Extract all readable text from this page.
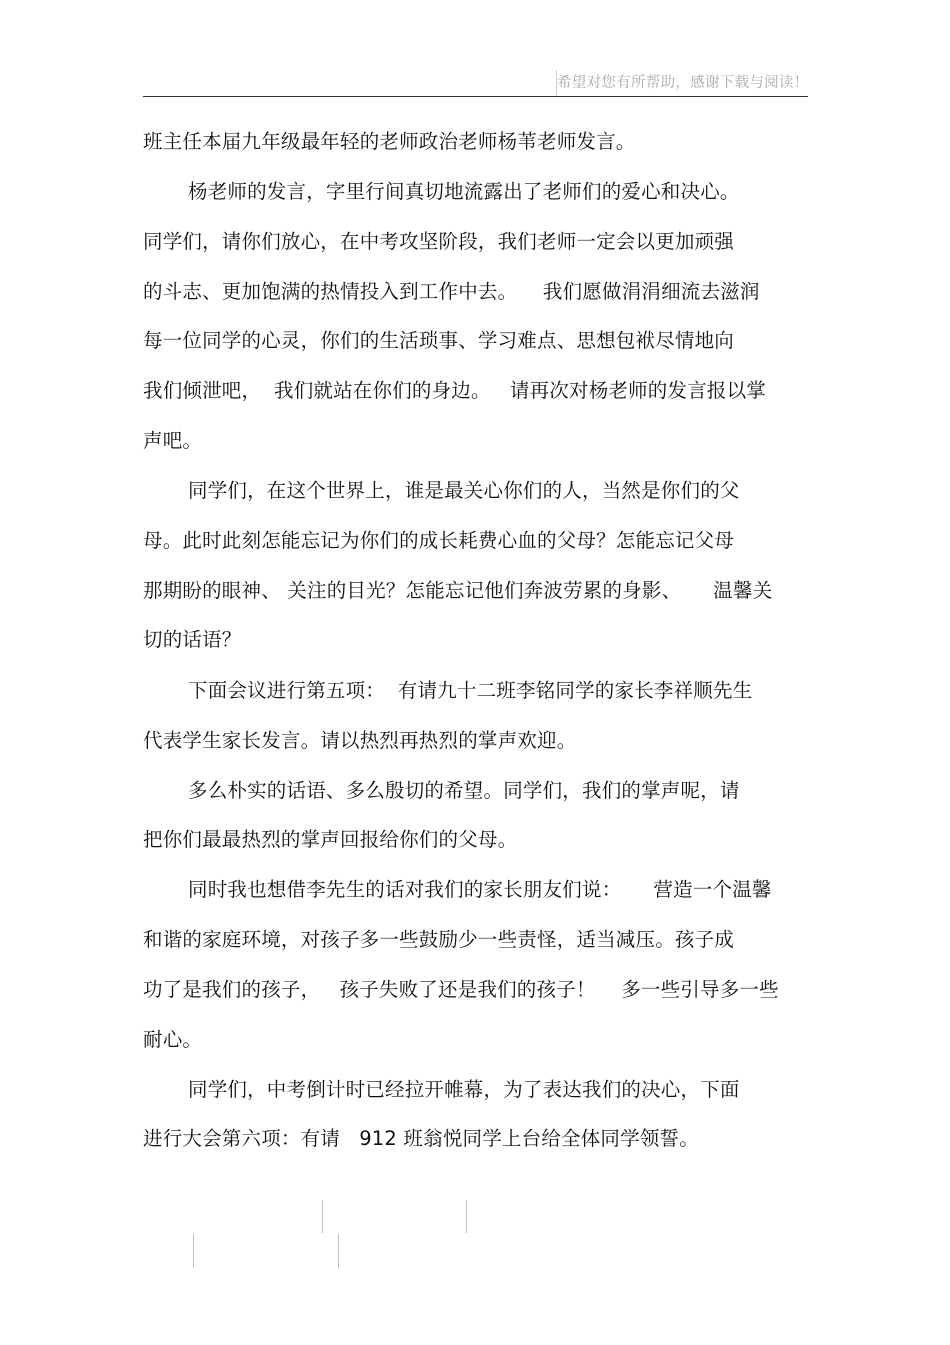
希望对您有所帮助，感谢下载与阅读！
班主任本届九年级最年轻的老师政治老师杨苇老师发言。
杨老师的发言，字里行间真切地流露出了老师们的爱心和决心。
同学们，请你们放心，在中考攻坚阶段，我们老师一定会以更加顽强
的斗志、更加饱满的热情投入到工作中去。    我们愿做涓涓细流去滋润
每一位同学的心灵，你们的生活琐事、学习难点、思想包袱尽情地向
我们倾泄吧，  我们就站在你们的身边。   请再次对杨老师的发言报以掌
声吧。
同学们，在这个世界上，谁是最关心你们的人，当然是你们的父
母。此时此刻怎能忘记为你们的成长耗费心血的父母？怎能忘记父母
那期盼的眼神、 关注的目光？怎能忘记他们奔波劳累的身影、     温馨关
切的话语？
下面会议进行第五项：  有请九十二班李铭同学的家长李祥顺先生
代表学生家长发言。请以热烈再热烈的掌声欢迎。
多么朴实的话语、多么殷切的希望。同学们，我们的掌声呢，请
把你们最最热烈的掌声回报给你们的父母。
同时我也想借李先生的话对我们的家长朋友们说：     营造一个温馨
和谐的家庭环境，对孩子多一些鼓励少一些责怪，适当减压。孩子成
功了是我们的孩子，   孩子失败了还是我们的孩子！    多一些引导多一些
耐心。
同学们，中考倒计时已经拉开帷幕，为了表达我们的决心，下面
进行大会第六项：有请   912 班翁悦同学上台给全体同学领誓。
